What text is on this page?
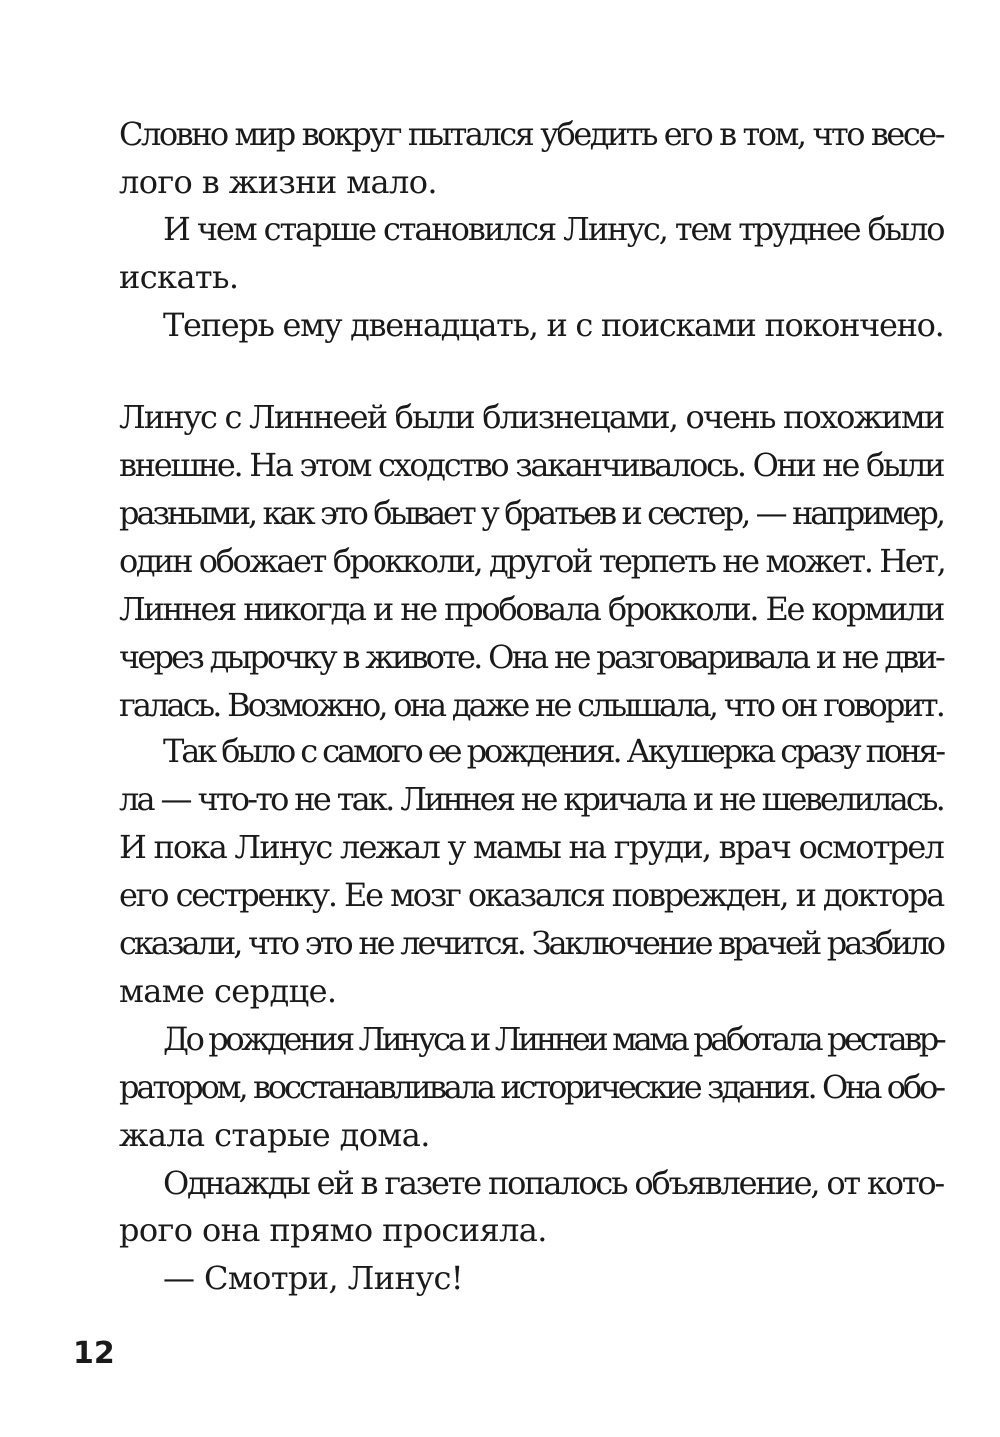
Словно мир вокруг пытался убедить его в том, что весе-

лого в жизни мало.

И чем старше становился Линус, тем труднее было

искать.

Теперь ему двенадцать, и с поисками покончено.

Линус с Линнеей были близнецами, очень похожими

внешне. На этом сходство заканчивалось. Они не были

разными, как это бывает у братьев и сестер, — например,

один обожает брокколи, другой терпеть не может. Нет,

Линнея никогда и не пробовала брокколи. Ее кормили

через дырочку в животе. Она не разговаривала и не дви-

галась. Возможно, она даже не слышала, что он говорит.

Так было с самого ее рождения. Акушерка сразу поня-

ла — что-то не так. Линнея не кричала и не шевелилась.

И пока Линус лежал у мамы на груди, врач осмотрел

его сестренку. Ее мозг оказался поврежден, и доктора

сказали, что это не лечится. Заключение врачей разбило

маме сердце.

До рождения Линуса и Линнеи мама работала реставр-

ратором, восстанавливала исторические здания. Она обо-

жала старые дома.

Однажды ей в газете попалось объявление, от кото-

рого она прямо просияла.

— Смотри, Линус!

12
